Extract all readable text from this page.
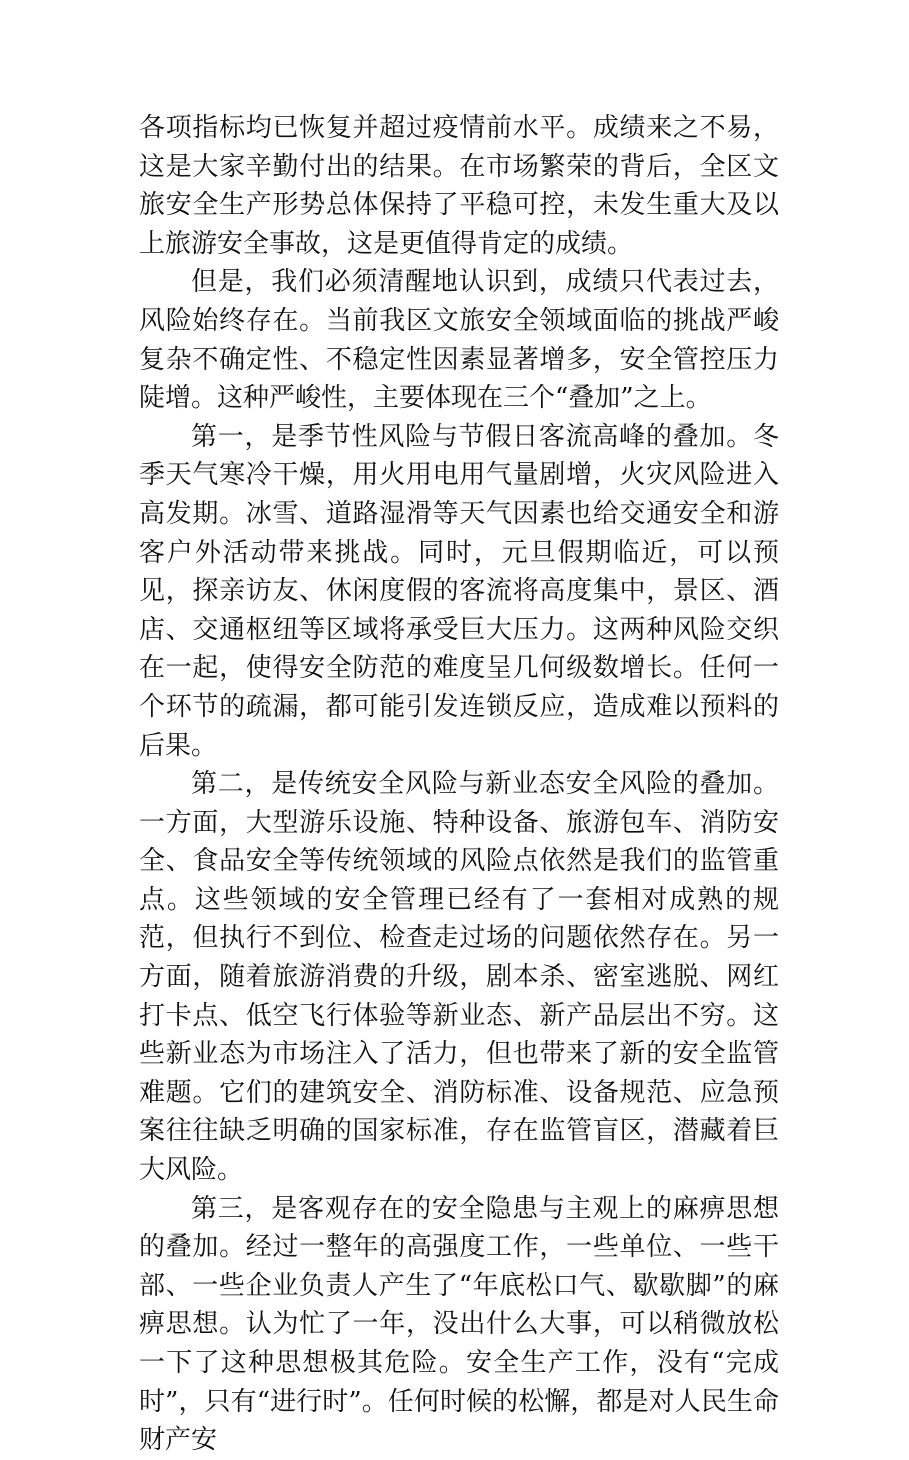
各项指标均已恢复并超过疫情前水平。成绩来之不易，这是大家辛勤付出的结果。在市场繁荣的背后，全区文旅安全生产形势总体保持了平稳可控，未发生重大及以上旅游安全事故，这是更值得肯定的成绩。

但是，我们必须清醒地认识到，成绩只代表过去，风险始终存在。当前我区文旅安全领域面临的挑战严峻复杂不确定性、不稳定性因素显著增多，安全管控压力陡增。这种严峻性，主要体现在三个“叠加”之上。

第一，是季节性风险与节假日客流高峰的叠加。冬季天气寒冷干燥，用火用电用气量剧增，火灾风险进入高发期。冰雪、道路湿滑等天气因素也给交通安全和游客户外活动带来挑战。同时，元旦假期临近，可以预见，探亲访友、休闲度假的客流将高度集中，景区、酒店、交通枢纽等区域将承受巨大压力。这两种风险交织在一起，使得安全防范的难度呈几何级数增长。任何一个环节的疏漏，都可能引发连锁反应，造成难以预料的后果。

第二，是传统安全风险与新业态安全风险的叠加。一方面，大型游乐设施、特种设备、旅游包车、消防安全、食品安全等传统领域的风险点依然是我们的监管重点。这些领域的安全管理已经有了一套相对成熟的规范，但执行不到位、检查走过场的问题依然存在。另一方面，随着旅游消费的升级，剧本杀、密室逃脱、网红打卡点、低空飞行体验等新业态、新产品层出不穷。这些新业态为市场注入了活力，但也带来了新的安全监管难题。它们的建筑安全、消防标准、设备规范、应急预案往往缺乏明确的国家标准，存在监管盲区，潜藏着巨大风险。

第三，是客观存在的安全隐患与主观上的麻痹思想的叠加。经过一整年的高强度工作，一些单位、一些干部、一些企业负责人产生了“年底松口气、歇歇脚”的麻痹思想。认为忙了一年，没出什么大事，可以稍微放松一下了这种思想极其危险。安全生产工作，没有“完成时”，只有“进行时”。任何时候的松懈，都是对人民生命财产安
